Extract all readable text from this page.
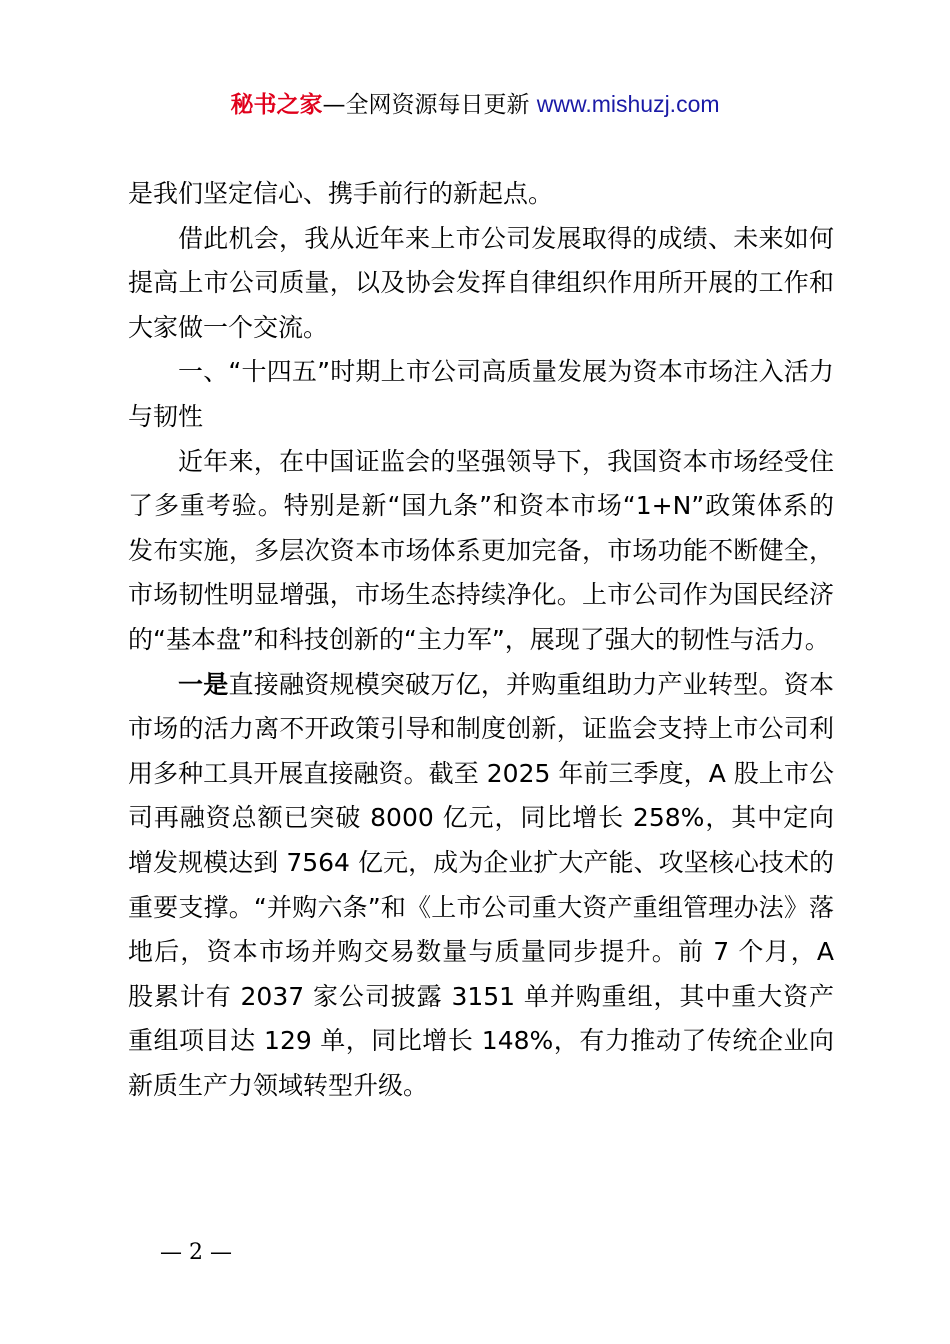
秘书之家—全网资源每日更新 www.mishuzj.com

是我们坚定信心、携手前行的新起点。

借此机会，我从近年来上市公司发展取得的成绩、未来如何提高上市公司质量，以及协会发挥自律组织作用所开展的工作和大家做一个交流。

一、“十四五”时期上市公司高质量发展为资本市场注入活力与韧性

近年来，在中国证监会的坚强领导下，我国资本市场经受住了多重考验。特别是新“国九条”和资本市场“1+N”政策体系的发布实施，多层次资本市场体系更加完备，市场功能不断健全，市场韧性明显增强，市场生态持续净化。上市公司作为国民经济的“基本盘”和科技创新的“主力军”，展现了强大的韧性与活力。

一是直接融资规模突破万亿，并购重组助力产业转型。资本市场的活力离不开政策引导和制度创新，证监会支持上市公司利用多种工具开展直接融资。截至 2025 年前三季度，A 股上市公司再融资总额已突破 8000 亿元，同比增长 258%，其中定向增发规模达到 7564 亿元，成为企业扩大产能、攻坚核心技术的重要支撑。“并购六条”和《上市公司重大资产重组管理办法》落地后，资本市场并购交易数量与质量同步提升。前 7 个月，A 股累计有 2037 家公司披露 3151 单并购重组，其中重大资产重组项目达 129 单，同比增长 148%，有力推动了传统企业向新质生产力领域转型升级。

— 2 —
